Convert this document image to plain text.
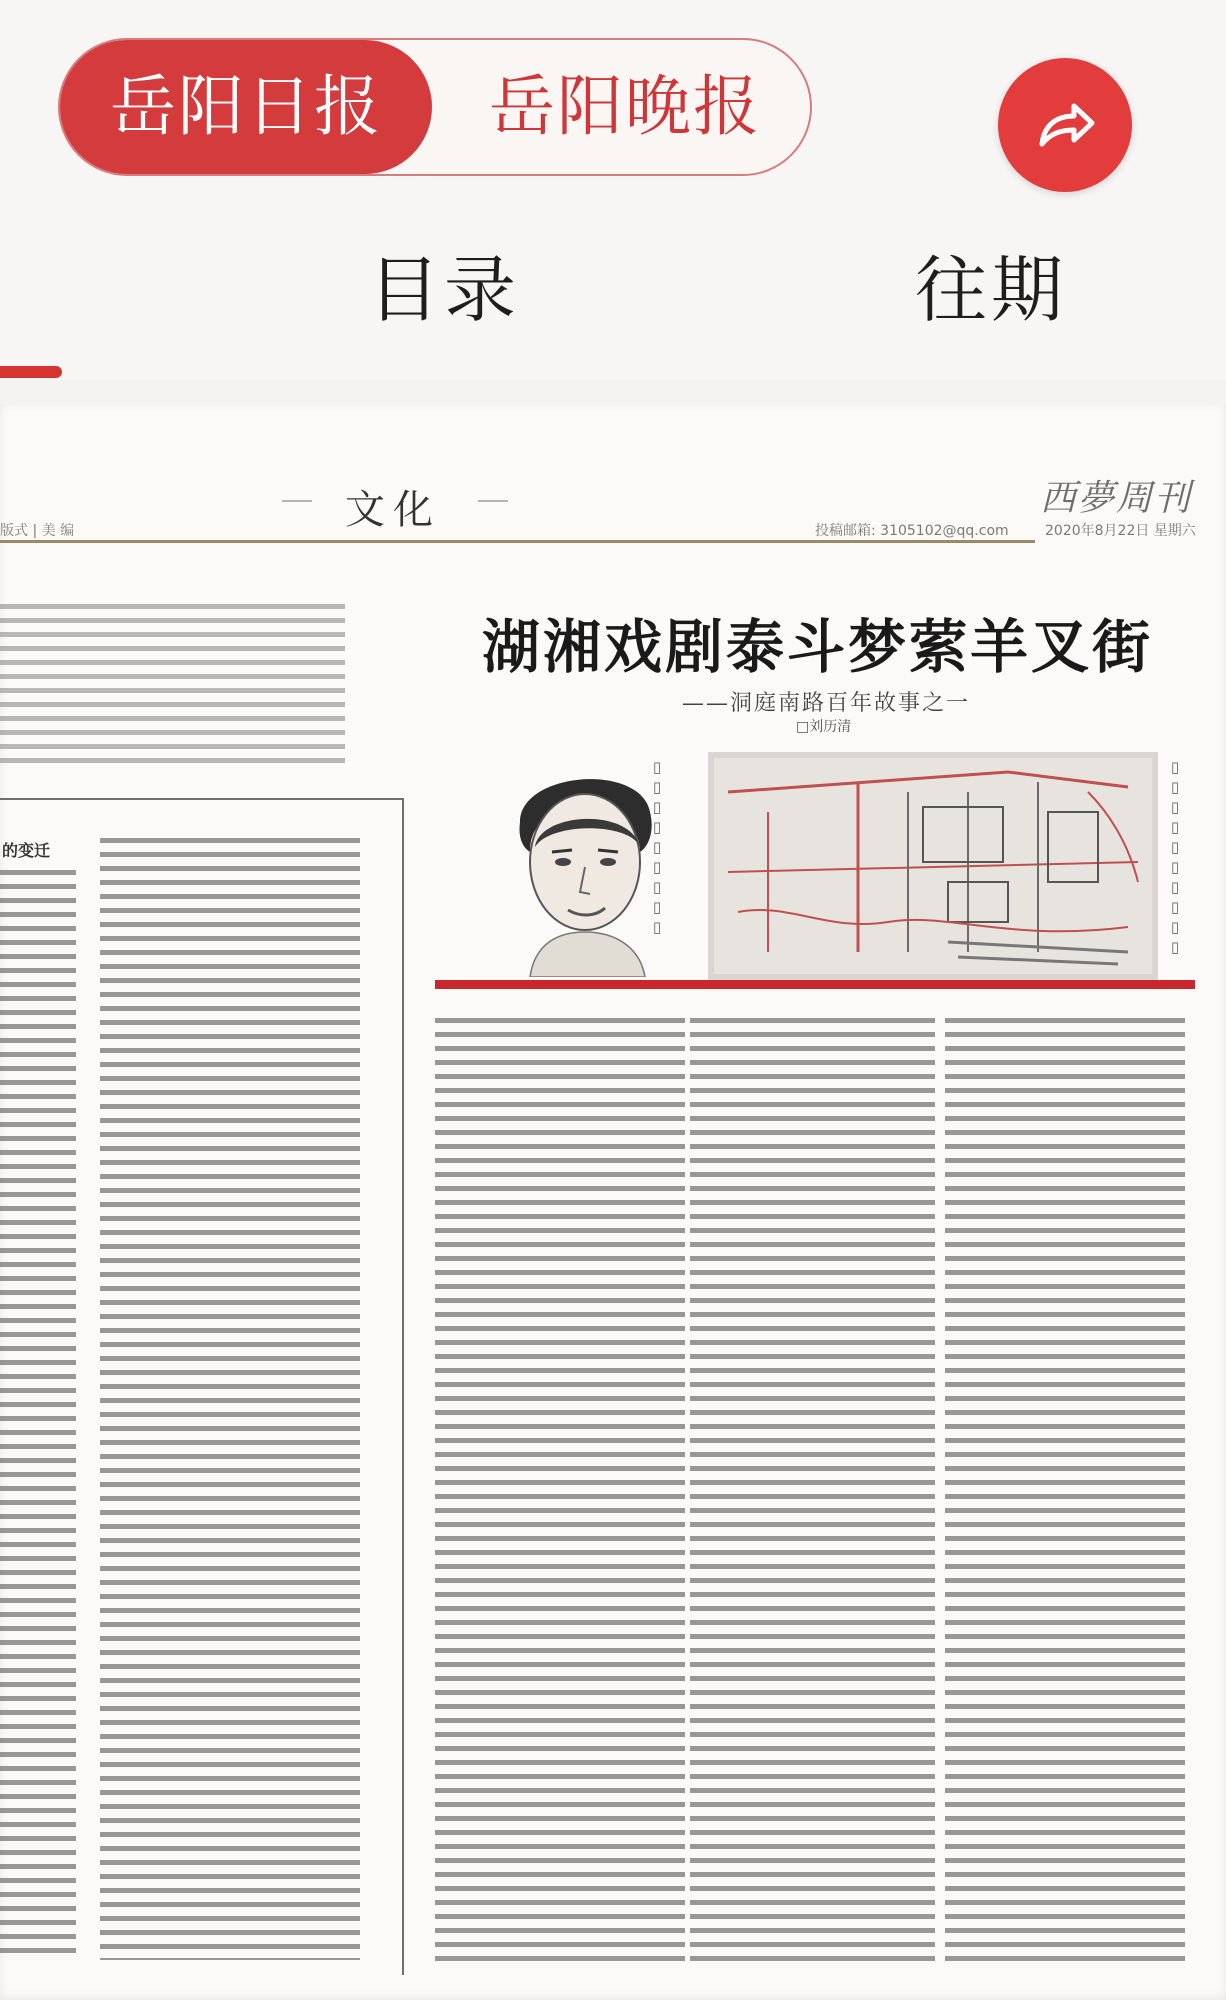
岳阳日报	岳阳晚报
目录	往期
版式 | 美 编	文化	西夢周刊
投稿邮箱: 3105102@qq.com	2020年8月22日 星期六
的变迁
湖湘戏剧泰斗梦萦羊叉街
——洞庭南路百年故事之一
□刘历清
▯▯▯▯▯▯▯▯▯	▯▯▯▯▯▯▯▯▯▯
